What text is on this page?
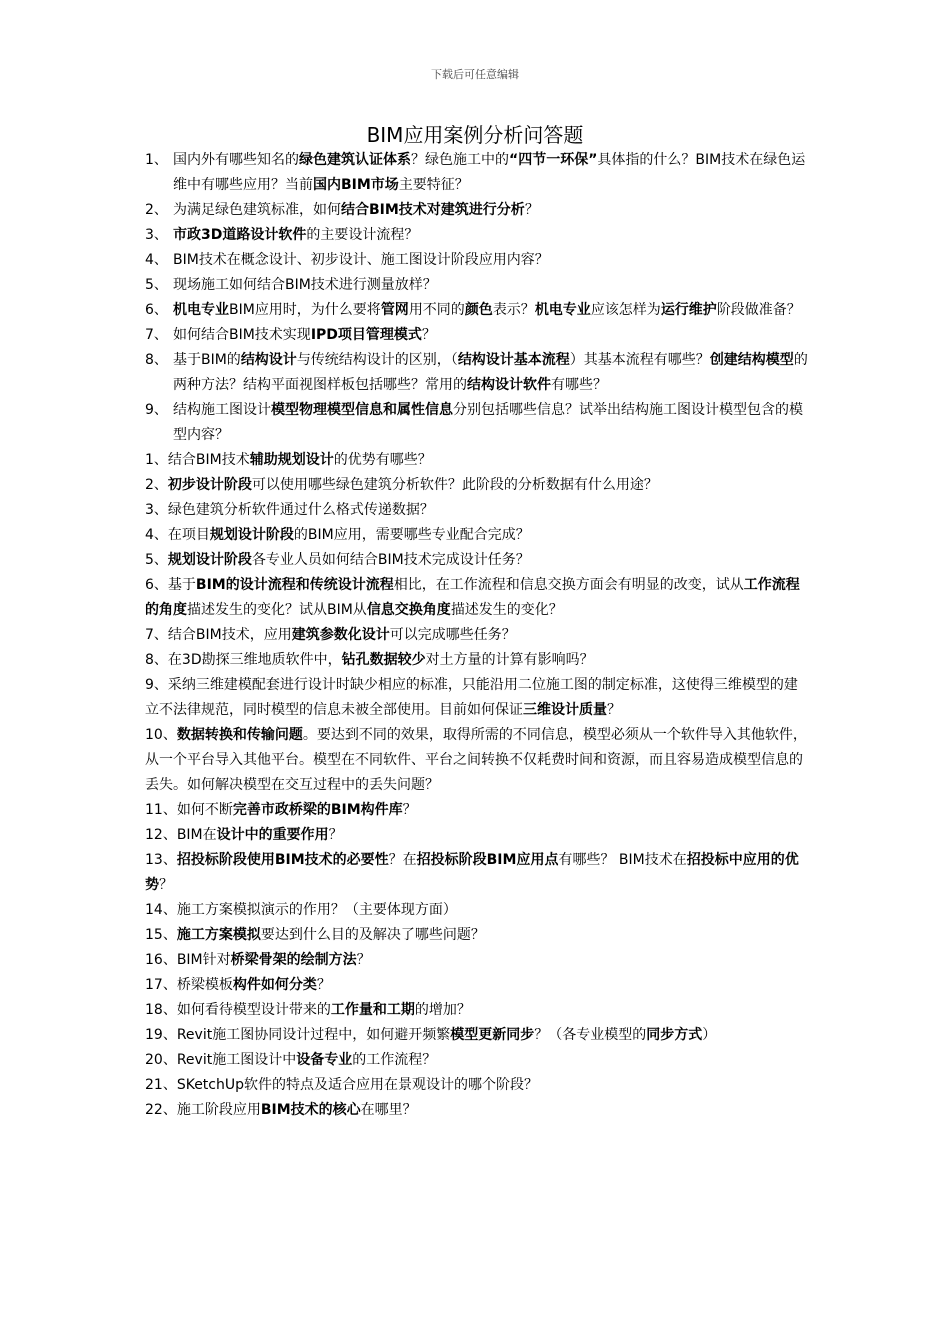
下载后可任意编辑
BIM应用案例分析问答题
1、 国内外有哪些知名的绿色建筑认证体系？绿色施工中的“四节一环保”具体指的什么？BIM技术在绿色运维中有哪些应用？当前国内BIM市场主要特征？
2、 为满足绿色建筑标准，如何结合BIM技术对建筑进行分析？
3、 市政3D道路设计软件的主要设计流程？
4、 BIM技术在概念设计、初步设计、施工图设计阶段应用内容？
5、 现场施工如何结合BIM技术进行测量放样？
6、 机电专业BIM应用时，为什么要将管网用不同的颜色表示？机电专业应该怎样为运行维护阶段做准备？
7、 如何结合BIM技术实现IPD项目管理模式？
8、 基于BIM的结构设计与传统结构设计的区别，（结构设计基本流程）其基本流程有哪些？创建结构模型的两种方法？结构平面视图样板包括哪些？常用的结构设计软件有哪些？
9、 结构施工图设计模型物理模型信息和属性信息分别包括哪些信息？试举出结构施工图设计模型包含的模型内容？
1、结合BIM技术辅助规划设计的优势有哪些？
2、初步设计阶段可以使用哪些绿色建筑分析软件？此阶段的分析数据有什么用途？
3、绿色建筑分析软件通过什么格式传递数据？
4、在项目规划设计阶段的BIM应用，需要哪些专业配合完成？
5、规划设计阶段各专业人员如何结合BIM技术完成设计任务？
6、基于BIM的设计流程和传统设计流程相比，在工作流程和信息交换方面会有明显的改变，试从工作流程的角度描述发生的变化？试从BIM从信息交换角度描述发生的变化？
7、结合BIM技术，应用建筑参数化设计可以完成哪些任务？
8、在3D勘探三维地质软件中，钻孔数据较少对土方量的计算有影响吗？
9、采纳三维建模配套进行设计时缺少相应的标准，只能沿用二位施工图的制定标准，这使得三维模型的建立不法律规范，同时模型的信息未被全部使用。目前如何保证三维设计质量？
10、数据转换和传输问题。要达到不同的效果，取得所需的不同信息，模型必须从一个软件导入其他软件，从一个平台导入其他平台。模型在不同软件、平台之间转换不仅耗费时间和资源，而且容易造成模型信息的丢失。如何解决模型在交互过程中的丢失问题？
11、如何不断完善市政桥梁的BIM构件库？
12、BIM在设计中的重要作用？
13、招投标阶段使用BIM技术的必要性？在招投标阶段BIM应用点有哪些？ BIM技术在招投标中应用的优势？
14、施工方案模拟演示的作用？（主要体现方面）
15、施工方案模拟要达到什么目的及解决了哪些问题？
16、BIM针对桥梁骨架的绘制方法？
17、桥梁模板构件如何分类？
18、如何看待模型设计带来的工作量和工期的增加？
19、Revit施工图协同设计过程中，如何避开频繁模型更新同步？（各专业模型的同步方式）
20、Revit施工图设计中设备专业的工作流程？
21、SKetchUp软件的特点及适合应用在景观设计的哪个阶段？
22、施工阶段应用BIM技术的核心在哪里？
